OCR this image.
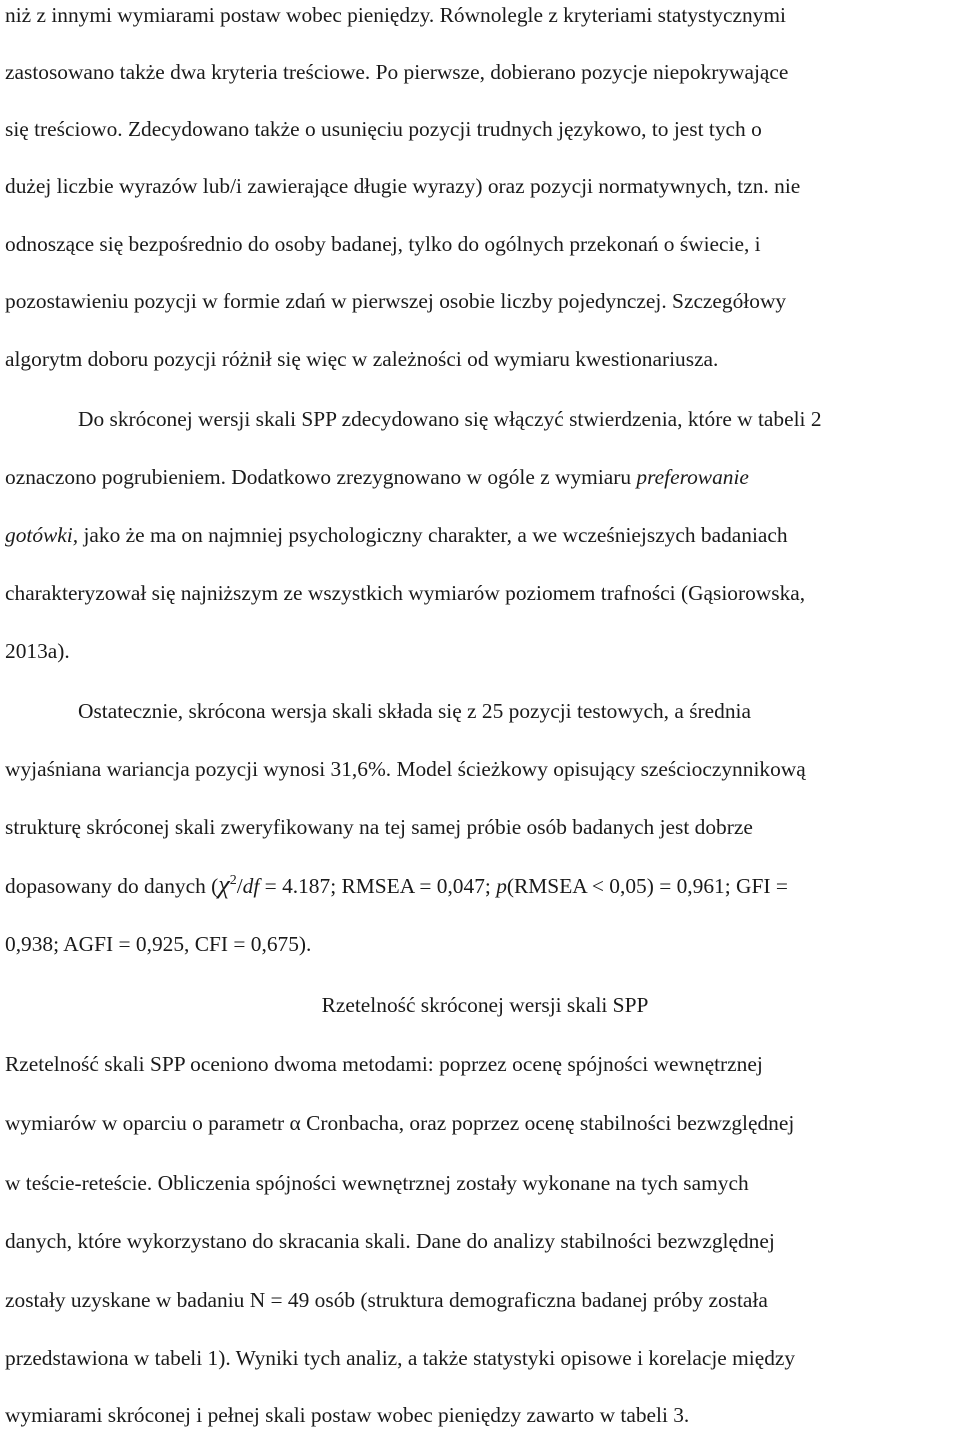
niż z innymi wymiarami postaw wobec pieniędzy. Równolegle z kryteriami statystycznymi
zastosowano także dwa kryteria treściowe. Po pierwsze, dobierano pozycje niepokrywające
się treściowo. Zdecydowano także o usunięciu pozycji trudnych językowo, to jest tych o
dużej liczbie wyrazów lub/i zawierające długie wyrazy) oraz pozycji normatywnych, tzn. nie
odnoszące się bezpośrednio do osoby badanej, tylko do ogólnych przekonań o świecie, i
pozostawieniu pozycji w formie zdań w pierwszej osobie liczby pojedynczej. Szczegółowy
algorytm doboru pozycji różnił się więc w zależności od wymiaru kwestionariusza.
Do skróconej wersji skali SPP zdecydowano się włączyć stwierdzenia, które w tabeli 2
oznaczono pogrubieniem. Dodatkowo zrezygnowano w ogóle z wymiaru preferowanie
gotówki, jako że ma on najmniej psychologiczny charakter, a we wcześniejszych badaniach
charakteryzował się najniższym ze wszystkich wymiarów poziomem trafności (Gąsiorowska,
2013a).
Ostatecznie, skrócona wersja skali składa się z 25 pozycji testowych, a średnia
wyjaśniana wariancja pozycji wynosi 31,6%. Model ścieżkowy opisujący sześcioczynnikową
strukturę skróconej skali zweryfikowany na tej samej próbie osób badanych jest dobrze
dopasowany do danych ($\chi^2/df = 4.187$; RMSEA = 0,047; p(RMSEA < 0,05) = 0,961; GFI =
0,938; AGFI = 0,925, CFI = 0,675).
Rzetelność skróconej wersji skali SPP
Rzetelność skali SPP oceniono dwoma metodami: poprzez ocenę spójności wewnętrznej
wymiarów w oparciu o parametr α Cronbacha, oraz poprzez ocenę stabilności bezwzględnej
w teście-reteście. Obliczenia spójności wewnętrznej zostały wykonane na tych samych
danych, które wykorzystano do skracania skali. Dane do analizy stabilności bezwzględnej
zostały uzyskane w badaniu N = 49 osób (struktura demograficzna badanej próby została
przedstawiona w tabeli 1). Wyniki tych analiz, a także statystyki opisowe i korelacje między
wymiarami skróconej i pełnej skali postaw wobec pieniędzy zawarto w tabeli 3.
